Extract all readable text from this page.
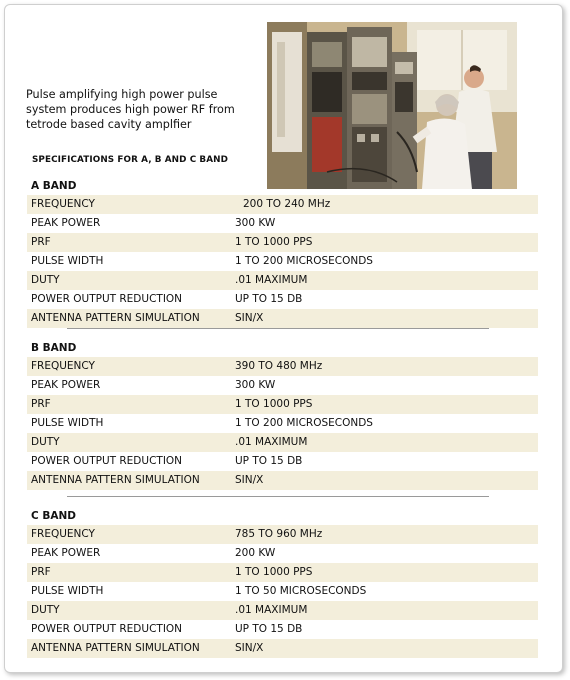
Pulse amplifying high power pulse system produces high power RF from tetrode based cavity amplfier
SPECIFICATIONS FOR A, B AND C BAND
A BAND
FREQUENCY	200 TO 240 MHz
PEAK POWER	300 KW
PRF	1 TO 1000 PPS
PULSE WIDTH	1 TO 200 MICROSECONDS
DUTY	.01 MAXIMUM
POWER OUTPUT REDUCTION	UP TO 15 DB
ANTENNA PATTERN SIMULATION	SIN/X
B BAND
FREQUENCY	390 TO 480 MHz
PEAK POWER	300 KW
PRF	1 TO 1000 PPS
PULSE WIDTH	1 TO 200 MICROSECONDS
DUTY	.01 MAXIMUM
POWER OUTPUT REDUCTION	UP TO 15 DB
ANTENNA PATTERN SIMULATION	SIN/X
C BAND
FREQUENCY	785 TO 960 MHz
PEAK POWER	200 KW
PRF	1 TO 1000 PPS
PULSE WIDTH	1 TO 50 MICROSECONDS
DUTY	.01 MAXIMUM
POWER OUTPUT REDUCTION	UP TO 15 DB
ANTENNA PATTERN SIMULATION	SIN/X
